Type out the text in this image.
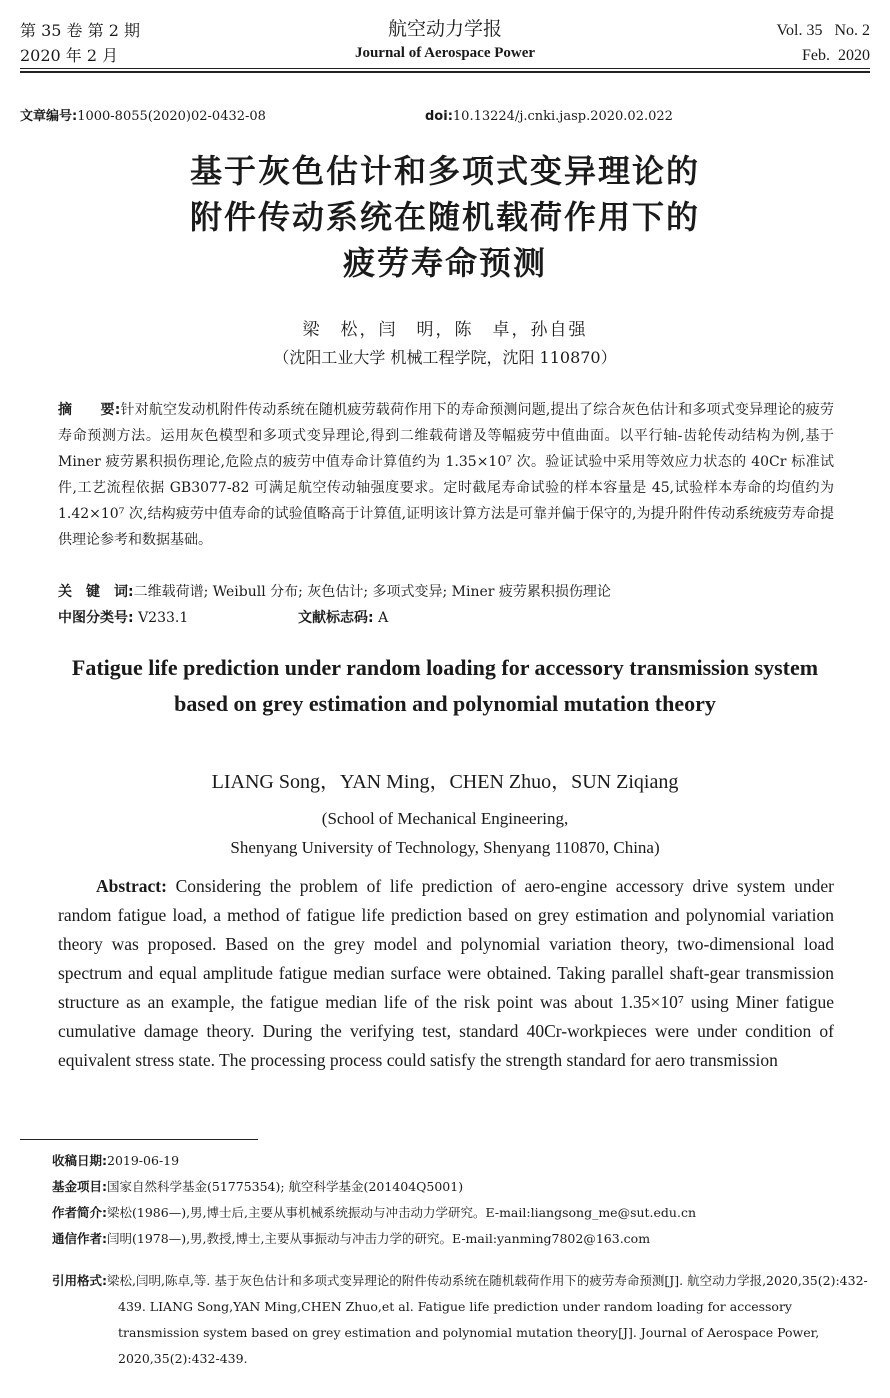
第 35 卷 第 2 期
2020 年 2 月
航空动力学报
Journal of Aerospace Power
Vol. 35   No. 2
Feb.  2020
文章编号:1000-8055(2020)02-0432-08	doi:10.13224/j.cnki.jasp.2020.02.022
基于灰色估计和多项式变异理论的
附件传动系统在随机载荷作用下的
疲劳寿命预测
梁　松，闫　明，陈　卓，孙自强
（沈阳工业大学 机械工程学院，沈阳 110870）
摘　　要:针对航空发动机附件传动系统在随机疲劳载荷作用下的寿命预测问题,提出了综合灰色估计和多项式变异理论的疲劳寿命预测方法。运用灰色模型和多项式变异理论,得到二维载荷谱及等幅疲劳中值曲面。以平行轴-齿轮传动结构为例,基于 Miner 疲劳累积损伤理论,危险点的疲劳中值寿命计算值约为 1.35×10⁷ 次。验证试验中采用等效应力状态的 40Cr 标准试件,工艺流程依据 GB3077-82 可满足航空传动轴强度要求。定时截尾寿命试验的样本容量是 45,试验样本寿命的均值约为 1.42×10⁷ 次,结构疲劳中值寿命的试验值略高于计算值,证明该计算方法是可靠并偏于保守的,为提升附件传动系统疲劳寿命提供理论参考和数据基础。
关　键　词:二维载荷谱; Weibull 分布; 灰色估计; 多项式变异; Miner 疲劳累积损伤理论
中图分类号: V233.1	文献标志码: A
Fatigue life prediction under random loading for accessory transmission system based on grey estimation and polynomial mutation theory
LIANG Song，YAN Ming，CHEN Zhuo，SUN Ziqiang
(School of Mechanical Engineering,
Shenyang University of Technology, Shenyang 110870, China)
Abstract: Considering the problem of life prediction of aero-engine accessory drive system under random fatigue load, a method of fatigue life prediction based on grey estimation and polynomial variation theory was proposed. Based on the grey model and polynomial variation theory, two-dimensional load spectrum and equal amplitude fatigue median surface were obtained. Taking parallel shaft-gear transmission structure as an example, the fatigue median life of the risk point was about 1.35×10⁷ using Miner fatigue cumulative damage theory. During the verifying test, standard 40Cr-workpieces were under condition of equivalent stress state. The processing process could satisfy the strength standard for aero transmission
收稿日期:2019-06-19
基金项目:国家自然科学基金(51775354); 航空科学基金(201404Q5001)
作者简介:梁松(1986—),男,博士后,主要从事机械系统振动与冲击动力学研究。E-mail:liangsong_me@sut.edu.cn
通信作者:闫明(1978—),男,教授,博士,主要从事振动与冲击力学的研究。E-mail:yanming7802@163.com
引用格式:梁松,闫明,陈卓,等. 基于灰色估计和多项式变异理论的附件传动系统在随机载荷作用下的疲劳寿命预测[J]. 航空动力学报,2020,35(2):432-439. LIANG Song,YAN Ming,CHEN Zhuo,et al. Fatigue life prediction under random loading for accessory transmission system based on grey estimation and polynomial mutation theory[J]. Journal of Aerospace Power, 2020,35(2):432-439.
